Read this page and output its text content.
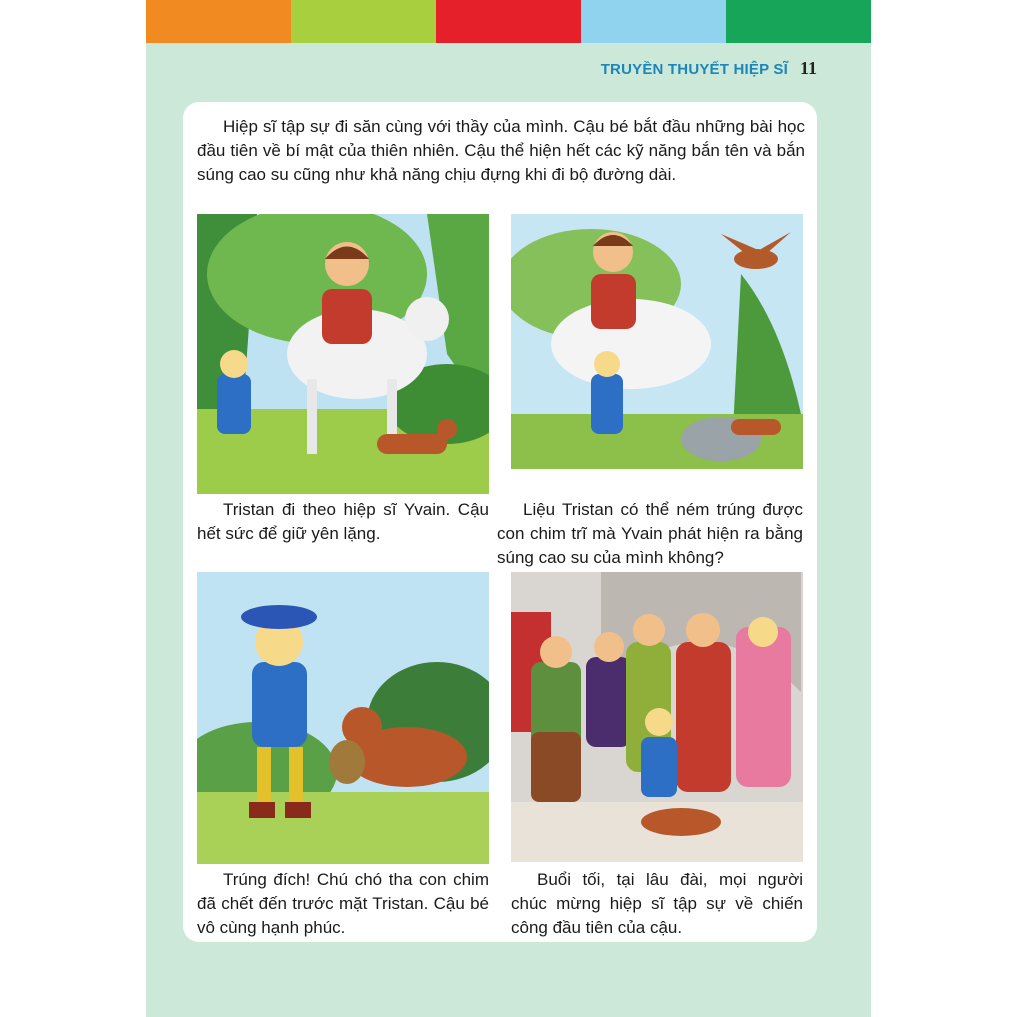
TRUYỀN THUYẾT HIỆP SĨ 11

Hiệp sĩ tập sự đi săn cùng với thầy của mình. Cậu bé bắt đầu những bài học đầu tiên về bí mật của thiên nhiên. Cậu thể hiện hết các kỹ năng bắn tên và bắn súng cao su cũng như khả năng chịu đựng khi đi bộ đường dài.

Tristan đi theo hiệp sĩ Yvain. Cậu hết sức để giữ yên lặng.

Liệu Tristan có thể ném trúng được con chim trĩ mà Yvain phát hiện ra bằng súng cao su của mình không?

Trúng đích! Chú chó tha con chim đã chết đến trước mặt Tristan. Cậu bé vô cùng hạnh phúc.

Buổi tối, tại lâu đài, mọi người chúc mừng hiệp sĩ tập sự về chiến công đầu tiên của cậu.
